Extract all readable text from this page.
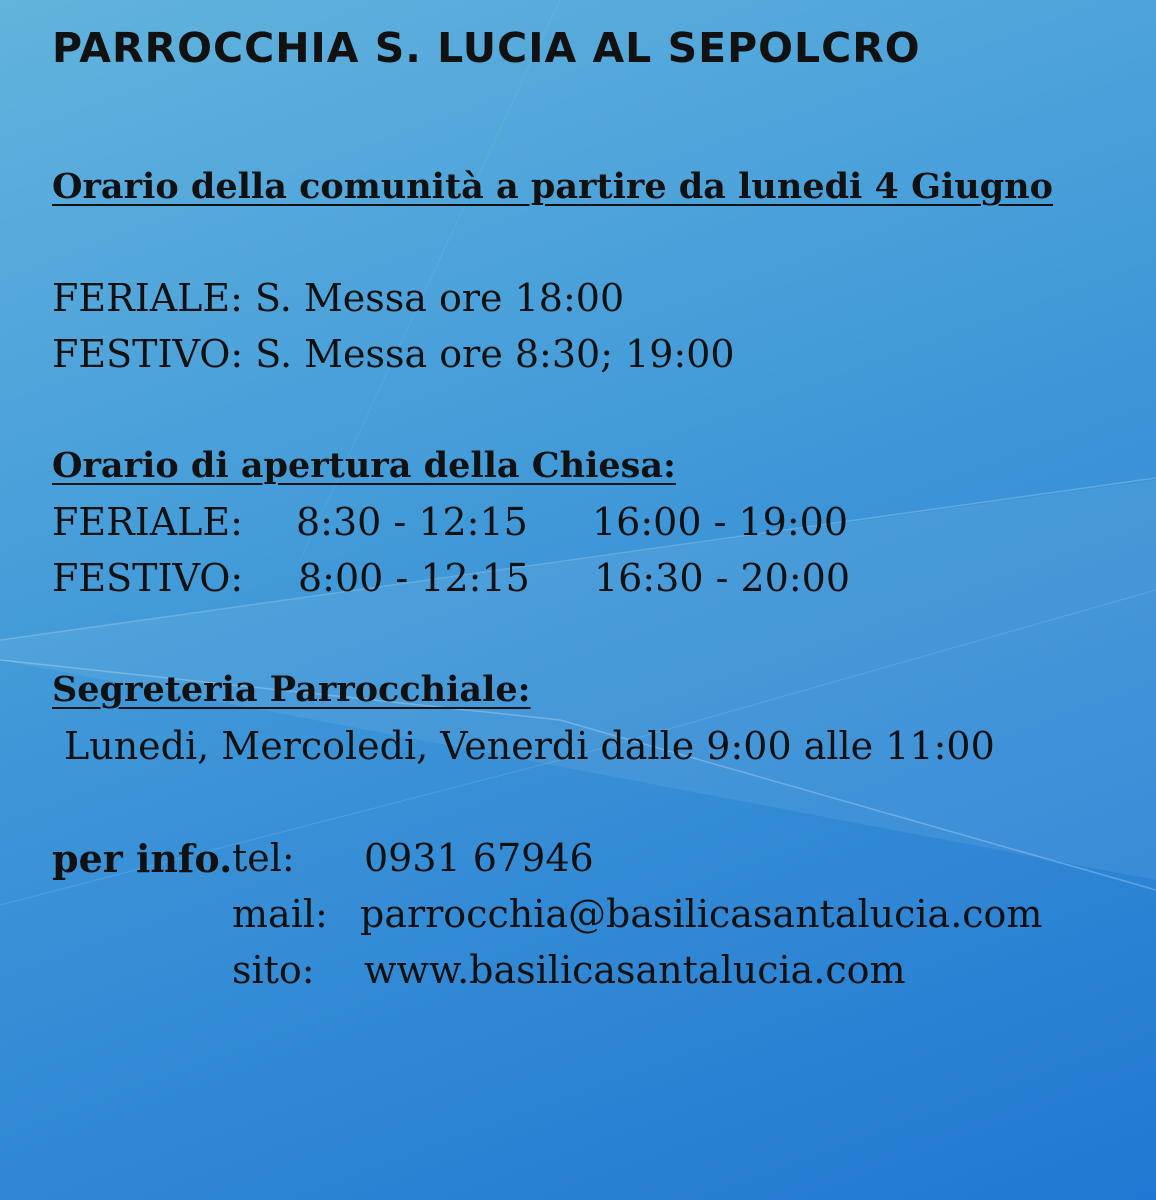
PARROCCHIA S. LUCIA AL SEPOLCRO
Orario della comunità a partire da lunedi 4 Giugno
FERIALE: S. Messa ore 18:00
FESTIVO: S. Messa ore 8:30; 19:00
Orario di apertura della Chiesa:
FERIALE: 8:30 - 12:15 16:00 - 19:00
FESTIVO: 8:00 - 12:15 16:30 - 20:00
Segreteria Parrocchiale:
Lunedi, Mercoledi, Venerdi dalle 9:00 alle 11:00
per info. tel: 0931 67946
mail: parrocchia@basilicasantalucia.com
sito: www.basilicasantalucia.com
